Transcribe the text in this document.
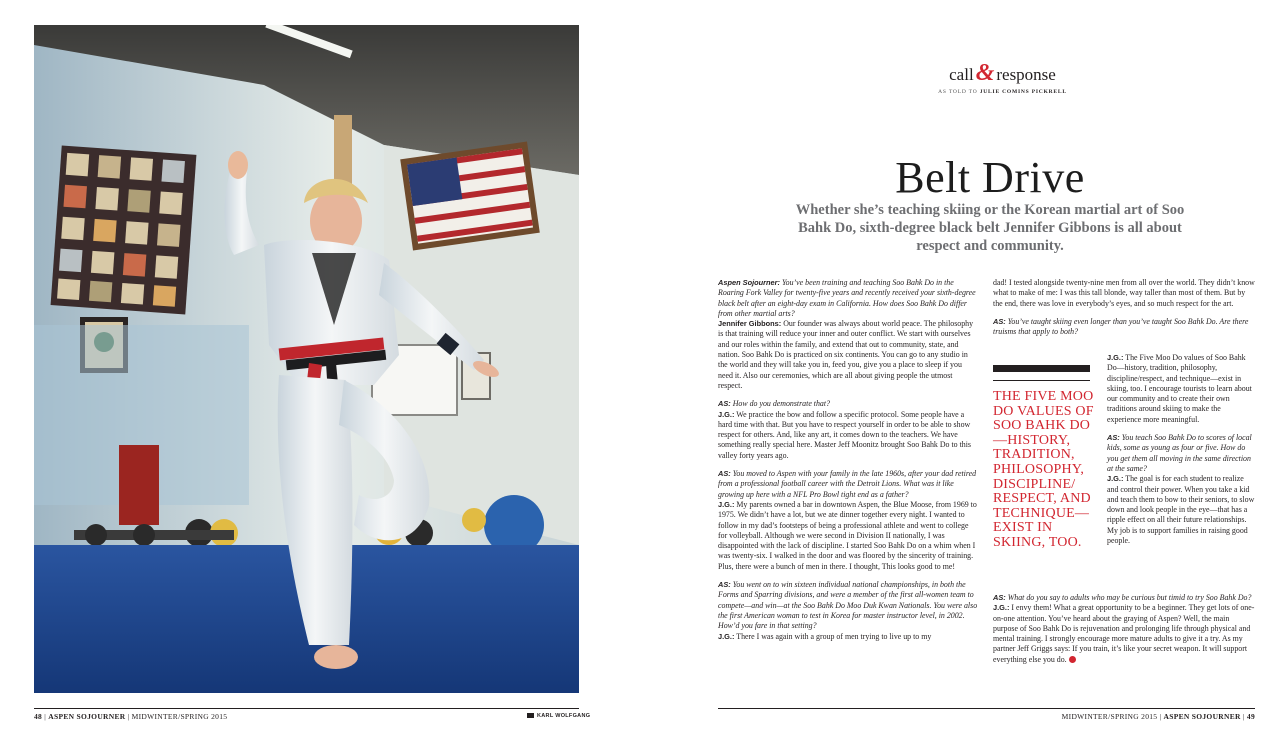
48 | ASPEN SOJOURNER | MIDWINTER/SPRING 2015	KARL WOLFGANG
call& response
AS TOLD TO JULIE COMINS PICKRELL
Belt Drive
Whether she’s teaching skiing or the Korean martial art of Soo Bahk Do, sixth-degree black belt Jennifer Gibbons is all about respect and community.

Aspen Sojourner: You’ve been training and teaching Soo Bahk Do in the Roaring Fork Valley for twenty-five years and recently received your sixth-degree black belt after an eight-day exam in California. How does Soo Bahk Do differ from other martial arts?

Jennifer Gibbons: Our founder was always about world peace. The philosophy is that training will reduce your inner and outer conflict. We start with ourselves and our roles within the family, and extend that out to community, state, and nation. Soo Bahk Do is practiced on six continents. You can go to any studio in the world and they will take you in, feed you, give you a place to sleep if you need it. Also our ceremonies, which are all about giving people the utmost respect.

AS: How do you demonstrate that?

J.G.: We practice the bow and follow a specific protocol. Some people have a hard time with that. But you have to respect yourself in order to be able to show respect for others. And, like any art, it comes down to the teachers. We have something really special here. Master Jeff Moonitz brought Soo Bahk Do to this valley forty years ago.

AS: You moved to Aspen with your family in the late 1960s, after your dad retired from a professional football career with the Detroit Lions. What was it like growing up here with a NFL Pro Bowl tight end as a father?

J.G.: My parents owned a bar in downtown Aspen, the Blue Moose, from 1969 to 1975. We didn’t have a lot, but we ate dinner together every night. I wanted to follow in my dad’s footsteps of being a professional athlete and went to college for volleyball. Although we were second in Division II nationally, I was disappointed with the lack of discipline. I started Soo Bahk Do on a whim when I was twenty-six. I walked in the door and was floored by the sincerity of training. Plus, there were a bunch of men in there. I thought, This looks good to me!

AS: You went on to win sixteen individual national championships, in both the Forms and Sparring divisions, and were a member of the first all-women team to compete—and win—at the Soo Bahk Do Moo Duk Kwan Nationals. You were also the first American woman to test in Korea for master instructor level, in 2002. How’d you fare in that setting?

J.G.: There I was again with a group of men trying to live up to my

dad! I tested alongside twenty-nine men from all over the world. They didn’t know what to make of me: I was this tall blonde, way taller than most of them. But by the end, there was love in everybody’s eyes, and so much respect for the art.

AS: You’ve taught skiing even longer than you’ve taught Soo Bahk Do. Are there truisms that apply to both?

THE FIVE MOO DO VALUES OF SOO BAHK DO—HISTORY, TRADITION, PHILOSOPHY, DISCIPLINE/ RESPECT, AND TECHNIQUE— EXIST IN SKIING, TOO.

J.G.: The Five Moo Do values of Soo Bahk Do—history, tradition, philosophy, discipline/respect, and technique—exist in skiing, too. I encourage tourists to learn about our community and to create their own traditions around skiing to make the experience more meaningful.

AS: You teach Soo Bahk Do to scores of local kids, some as young as four or five. How do you get them all moving in the same direction at the same?

J.G.: The goal is for each student to realize and control their power. When you take a kid and teach them to bow to their seniors, to slow down and look people in the eye—that has a ripple effect on all their future relationships. My job is to support families in raising good people.

AS: What do you say to adults who may be curious but timid to try Soo Bahk Do?

J.G.: I envy them! What a great opportunity to be a beginner. They get lots of one-on-one attention. You’ve heard about the graying of Aspen? Well, the main purpose of Soo Bahk Do is rejuvenation and prolonging life through physical and mental training. I strongly encourage more mature adults to give it a try. As my partner Jeff Griggs says: If you train, it’s like your secret weapon. It will support everything else you do.

MIDWINTER/SPRING 2015 | ASPEN SOJOURNER | 49
